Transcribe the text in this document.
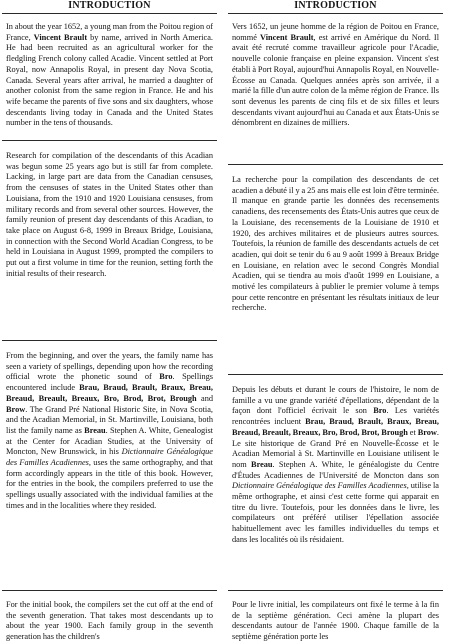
INTRODUCTION

In about the year 1652, a young man from the Poitou region of France, Vincent Brault by name, arrived in North America. He had been recruited as an agricultural worker for the fledgling French colony called Acadie. Vincent settled at Port Royal, now Annapolis Royal, in present day Nova Scotia, Canada. Several years after arrival, he married a daughter of another colonist from the same region in France. He and his wife became the parents of five sons and six daughters, whose descendants living today in Canada and the United States number in the tens of thousands.

Research for compilation of the descendants of this Acadian was begun some 25 years ago but is still far from complete. Lacking, in large part are data from the Canadian censuses, from the censuses of states in the United States other than Louisiana, from the 1910 and 1920 Louisiana censuses, from military records and from several other sources. However, the family reunion of present day descendants of this Acadian, to take place on August 6-8, 1999 in Breaux Bridge, Louisiana, in connection with the Second World Acadian Congress, to be held in Louisiana in August 1999, prompted the compilers to put out a first volume in time for the reunion, setting forth the initial results of their research.

From the beginning, and over the years, the family name has seen a variety of spellings, depending upon how the recording official wrote the phonetic sound of Bro. Spellings encountered include Brau, Braud, Brault, Braux, Breau, Breaud, Breault, Breaux, Bro, Brod, Brot, Brough and Brow. The Grand Pré National Historic Site, in Nova Scotia, and the Acadian Memorial, in St. Martinville, Louisiana, both list the family name as Breau. Stephen A. White, Genealogist at the Center for Acadian Studies, at the University of Moncton, New Brunswick, in his Dictionnaire Généalogique des Familles Acadiennes, uses the same orthography, and that form accordingly appears in the title of this book. However, for the entries in the book, the compilers preferred to use the spellings usually associated with the individual families at the times and in the localities where they resided.

For the initial book, the compilers set the cut off at the end of the seventh generation. That takes most descendants up to about the year 1900. Each family group in the seventh generation has the children's

INTRODUCTION

Vers 1652, un jeune homme de la région de Poitou en France, nommé Vincent Brault, est arrivé en Amérique du Nord. Il avait été recruté comme travailleur agricole pour l'Acadie, nouvelle colonie française en pleine expansion. Vincent s'est établi à Port Royal, aujourd'hui Annapolis Royal, en Nouvelle-Écosse au Canada. Quelques années après son arrivée, il a marié la fille d'un autre colon de la même région de France. Ils sont devenus les parents de cinq fils et de six filles et leurs descendants vivant aujourd'hui au Canada et aux États-Unis se dénombrent en dizaines de milliers.

La recherche pour la compilation des descendants de cet acadien a débuté il y a 25 ans mais elle est loin d'être terminée. Il manque en grande partie les données des recensements canadiens, des recensements des États-Unis autres que ceux de la Louisiane, des recensements de la Louisiane de 1910 et 1920, des archives militaires et de plusieurs autres sources. Toutefois, la réunion de famille des descendants actuels de cet acadien, qui doit se tenir du 6 au 9 août 1999 à Breaux Bridge en Louisiane, en relation avec le second Congrès Mondial Acadien, qui se tiendra au mois d'août 1999 en Louisiane, a motivé les compilateurs à publier le premier volume à temps pour cette rencontre en présentant les résultats initiaux de leur recherche.

Depuis les débuts et durant le cours de l'histoire, le nom de famille a vu une grande variété d'épellations, dépendant de la façon dont l'officiel écrivait le son Bro. Les variétés rencontrées incluent Brau, Braud, Brault, Braux, Breau, Breaud, Breault, Breaux, Bro, Brod, Brot, Brough et Brow. Le site historique de Grand Pré en Nouvelle-Écosse et le Acadian Memorial à St. Martinville en Louisiane utilisent le nom Breau. Stephen A. White, le généalogiste du Centre d'Études Acadiennes de l'Université de Moncton dans son Dictionnaire Généalogique des Familles Acadiennes, utilise la même orthographe, et ainsi c'est cette forme qui apparait en titre du livre. Toutefois, pour les données dans le livre, les compilateurs ont préféré utiliser l'épellation associée habituellement avec les familles individuelles du temps et dans les localités où ils résidaient.

Pour le livre initial, les compilateurs ont fixé le terme à la fin de la septième génération. Ceci amène la plupart des descendants autour de l'année 1900. Chaque famille de la septième génération porte les
